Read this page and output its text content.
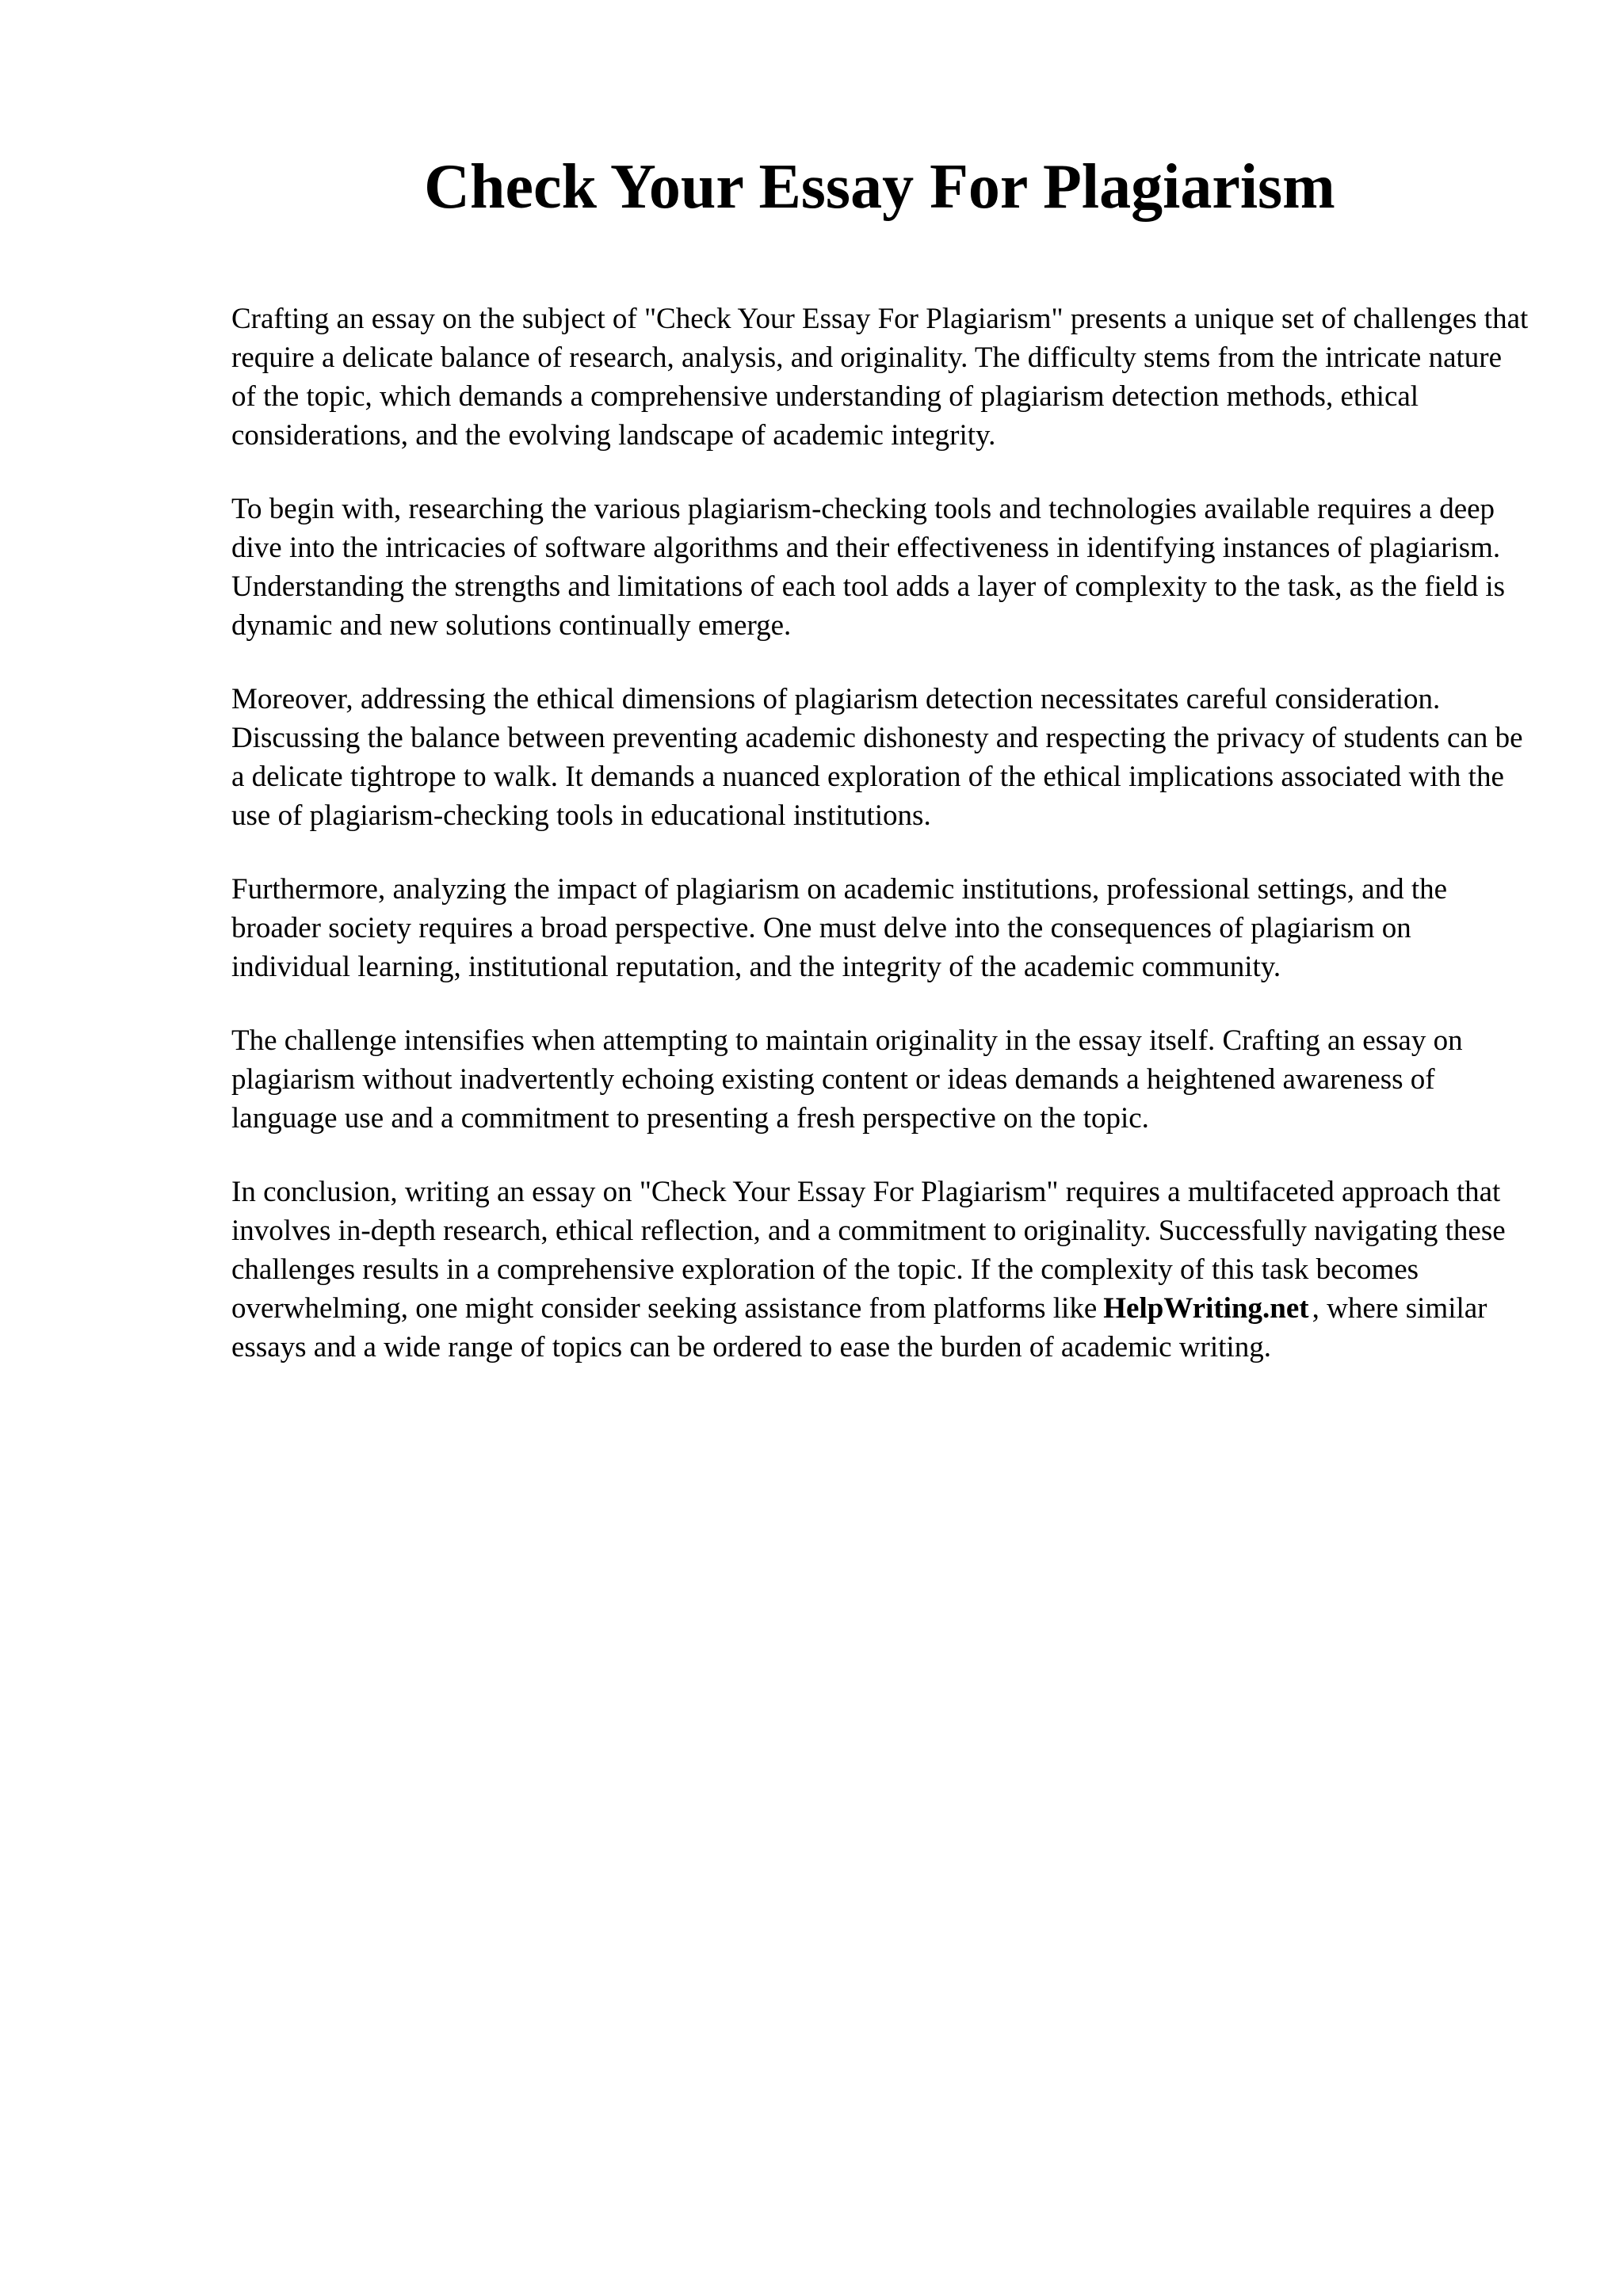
Check Your Essay For Plagiarism

Crafting an essay on the subject of "Check Your Essay For Plagiarism" presents a unique set of challenges that require a delicate balance of research, analysis, and originality. The difficulty stems from the intricate nature of the topic, which demands a comprehensive understanding of plagiarism detection methods, ethical considerations, and the evolving landscape of academic integrity.

To begin with, researching the various plagiarism-checking tools and technologies available requires a deep dive into the intricacies of software algorithms and their effectiveness in identifying instances of plagiarism. Understanding the strengths and limitations of each tool adds a layer of complexity to the task, as the field is dynamic and new solutions continually emerge.

Moreover, addressing the ethical dimensions of plagiarism detection necessitates careful consideration. Discussing the balance between preventing academic dishonesty and respecting the privacy of students can be a delicate tightrope to walk. It demands a nuanced exploration of the ethical implications associated with the use of plagiarism-checking tools in educational institutions.

Furthermore, analyzing the impact of plagiarism on academic institutions, professional settings, and the broader society requires a broad perspective. One must delve into the consequences of plagiarism on individual learning, institutional reputation, and the integrity of the academic community.

The challenge intensifies when attempting to maintain originality in the essay itself. Crafting an essay on plagiarism without inadvertently echoing existing content or ideas demands a heightened awareness of language use and a commitment to presenting a fresh perspective on the topic.

In conclusion, writing an essay on "Check Your Essay For Plagiarism" requires a multifaceted approach that involves in-depth research, ethical reflection, and a commitment to originality. Successfully navigating these challenges results in a comprehensive exploration of the topic. If the complexity of this task becomes overwhelming, one might consider seeking assistance from platforms like HelpWriting.net , where similar essays and a wide range of topics can be ordered to ease the burden of academic writing.
